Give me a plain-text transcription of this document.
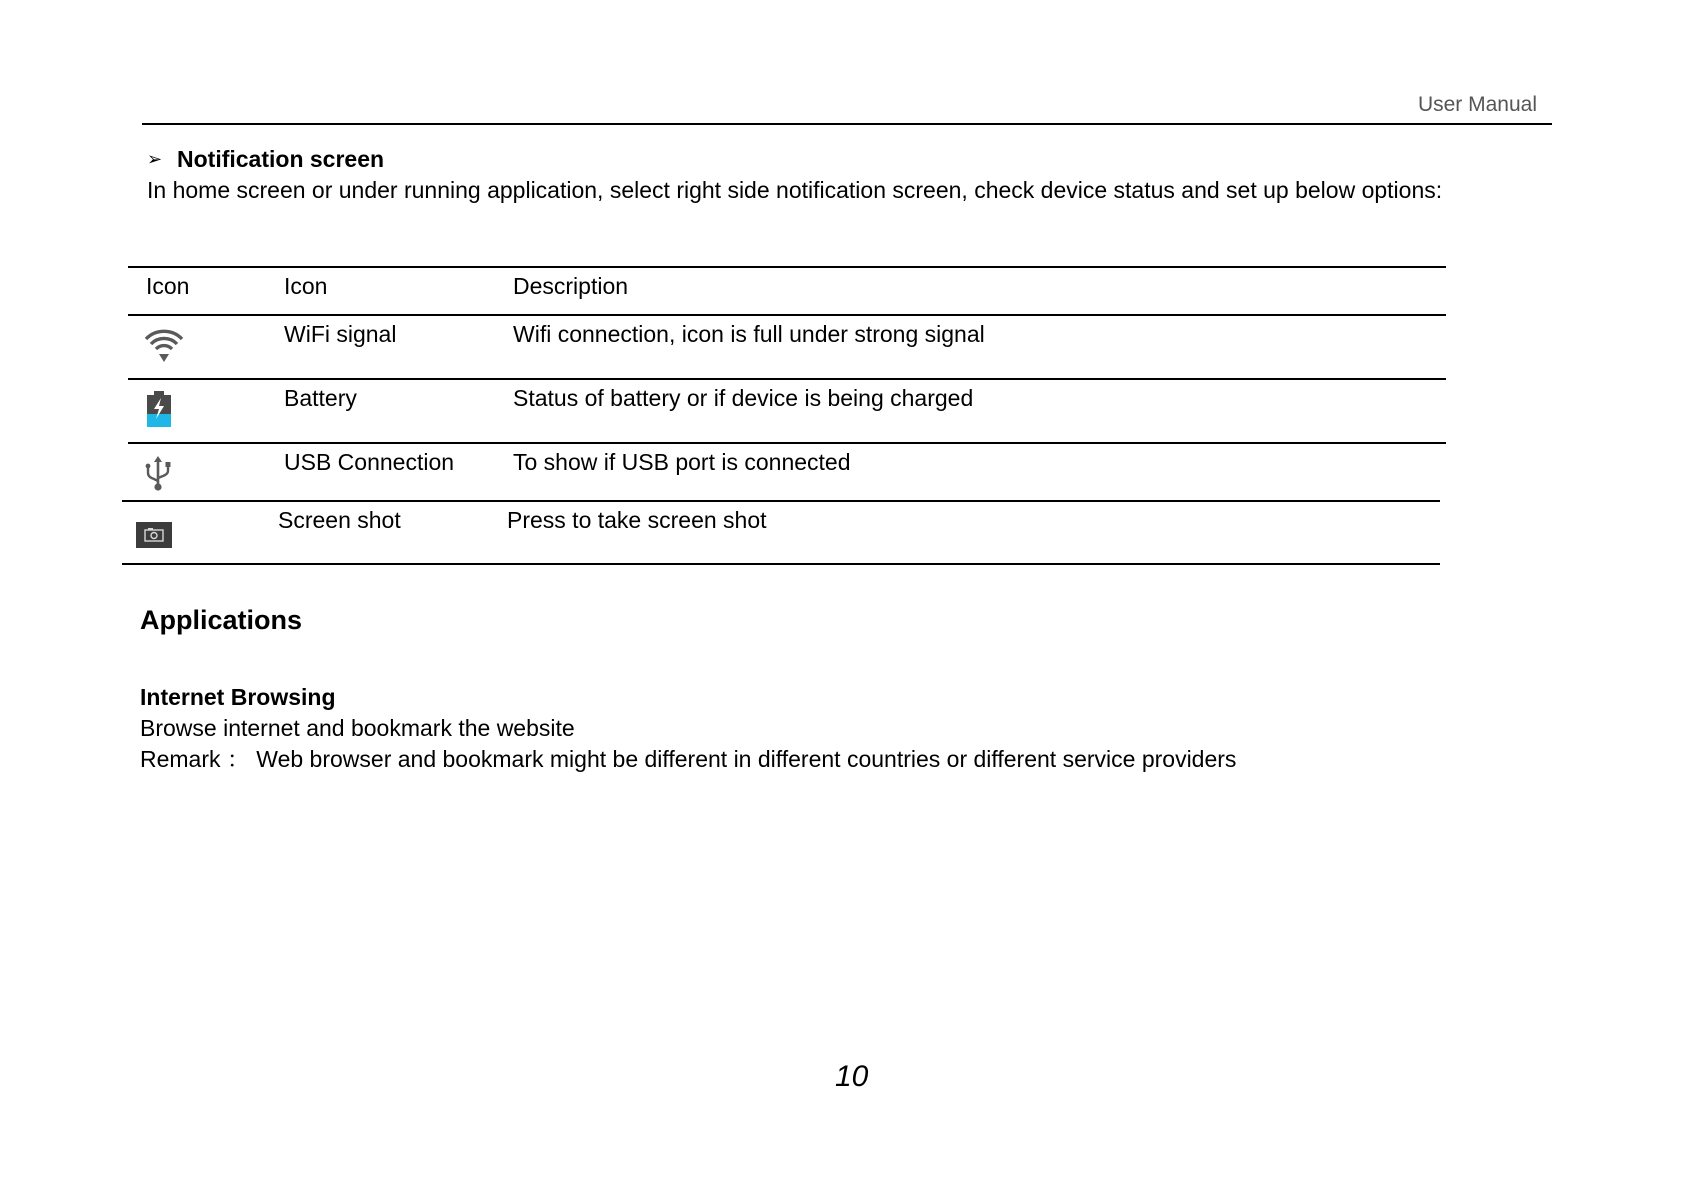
User Manual
➢ Notification screen
In home screen or under running application, select right side notification screen, check device status and set up below options:
Icon	Icon	Description
WiFi signal	Wifi connection, icon is full under strong signal
Battery	Status of battery or if device is being charged
USB Connection	To show if USB port is connected
Screen shot	Press to take screen shot
Applications
Internet Browsing
Browse internet and bookmark the website
Remark ： Web browser and bookmark might be different in different countries or different service providers
10
